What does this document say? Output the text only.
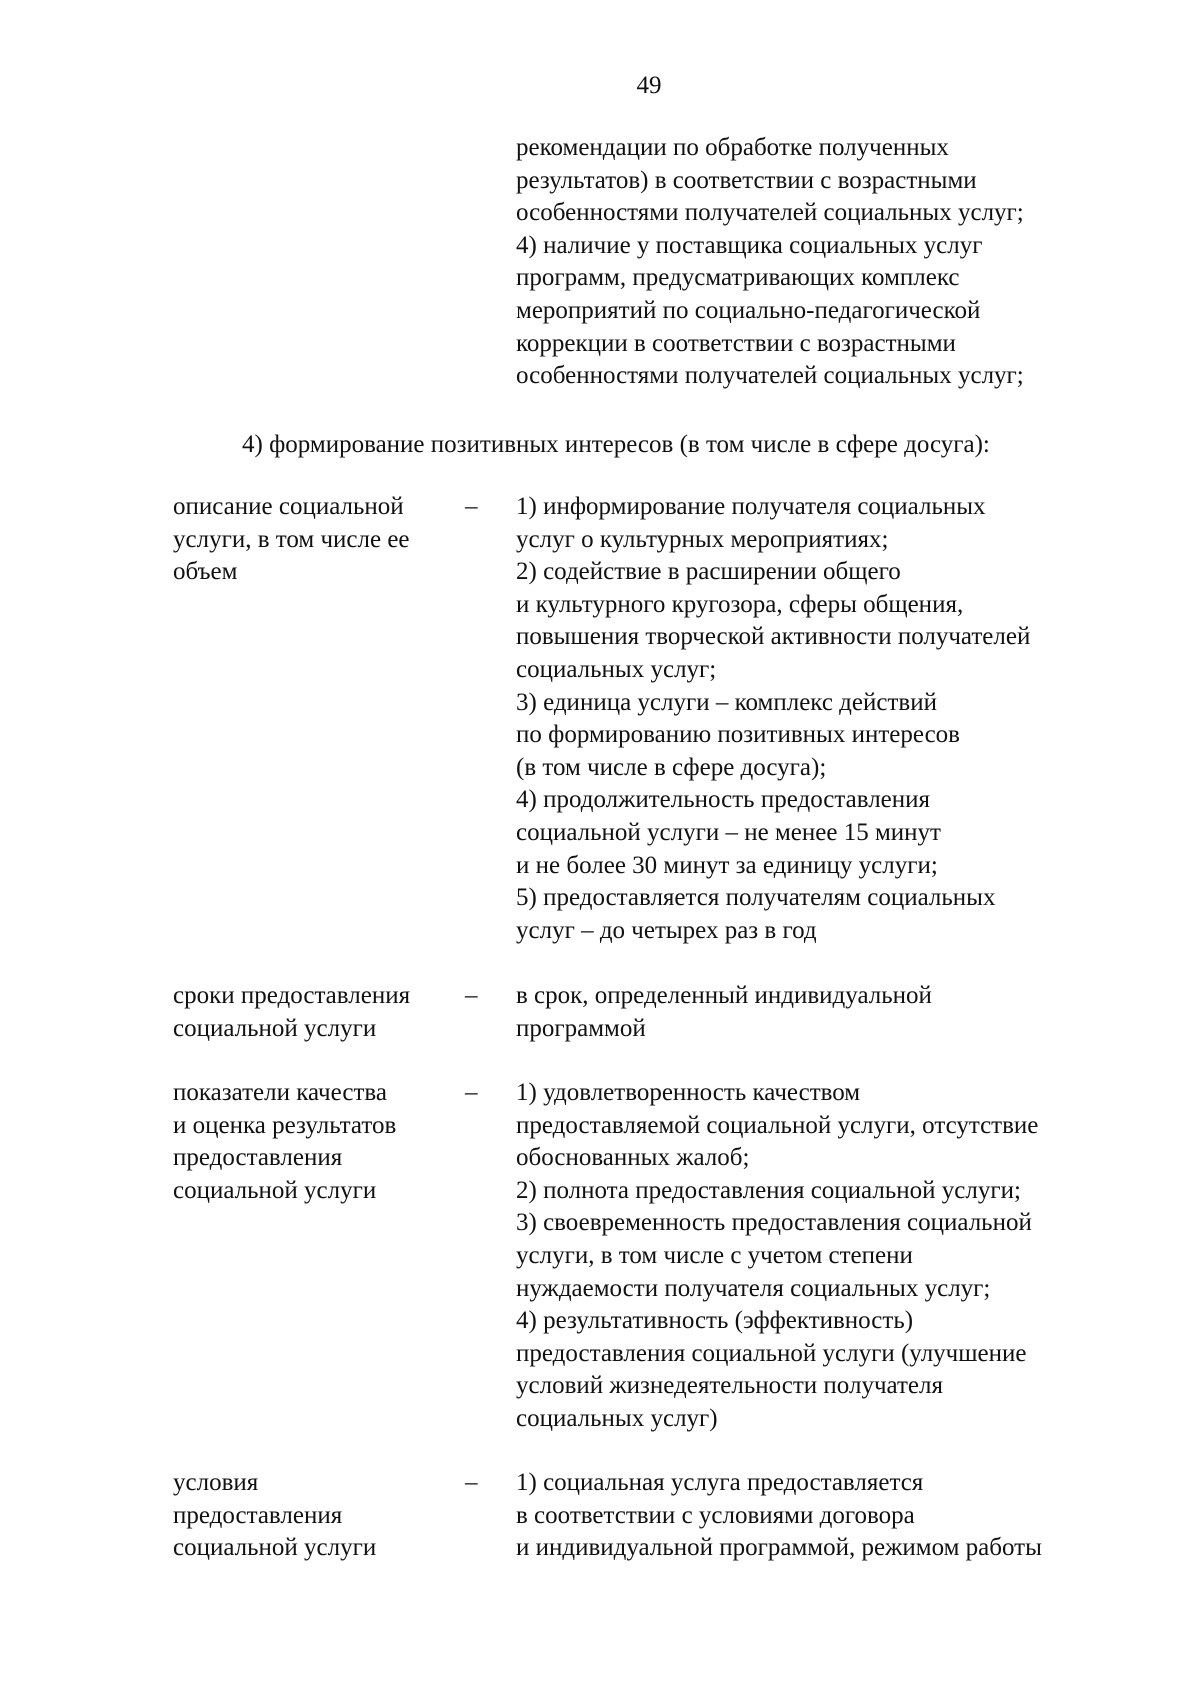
49
рекомендации по обработке полученных
результатов) в соответствии с возрастными
особенностями получателей социальных услуг;
4) наличие у поставщика социальных услуг
программ, предусматривающих комплекс
мероприятий по социально-педагогической
коррекции в соответствии с возрастными
особенностями получателей социальных услуг;
4) формирование позитивных интересов (в том числе в сфере досуга):
описание социальной
услуги, в том числе ее
объем
– 1) информирование получателя социальных
услуг о культурных мероприятиях;
2) содействие в расширении общего
и культурного кругозора, сферы общения,
повышения творческой активности получателей
социальных услуг;
3) единица услуги – комплекс действий
по формированию позитивных интересов
(в том числе в сфере досуга);
4) продолжительность предоставления
социальной услуги – не менее 15 минут
и не более 30 минут за единицу услуги;
5) предоставляется получателям социальных
услуг – до четырех раз в год
сроки предоставления
социальной услуги
– в срок, определенный индивидуальной
программой
показатели качества
и оценка результатов
предоставления
социальной услуги
– 1) удовлетворенность качеством
предоставляемой социальной услуги, отсутствие
обоснованных жалоб;
2) полнота предоставления социальной услуги;
3) своевременность предоставления социальной
услуги, в том числе с учетом степени
нуждаемости получателя социальных услуг;
4) результативность (эффективность)
предоставления социальной услуги (улучшение
условий жизнедеятельности получателя
социальных услуг)
условия
предоставления
социальной услуги
– 1) социальная услуга предоставляется
в соответствии с условиями договора
и индивидуальной программой, режимом работы
